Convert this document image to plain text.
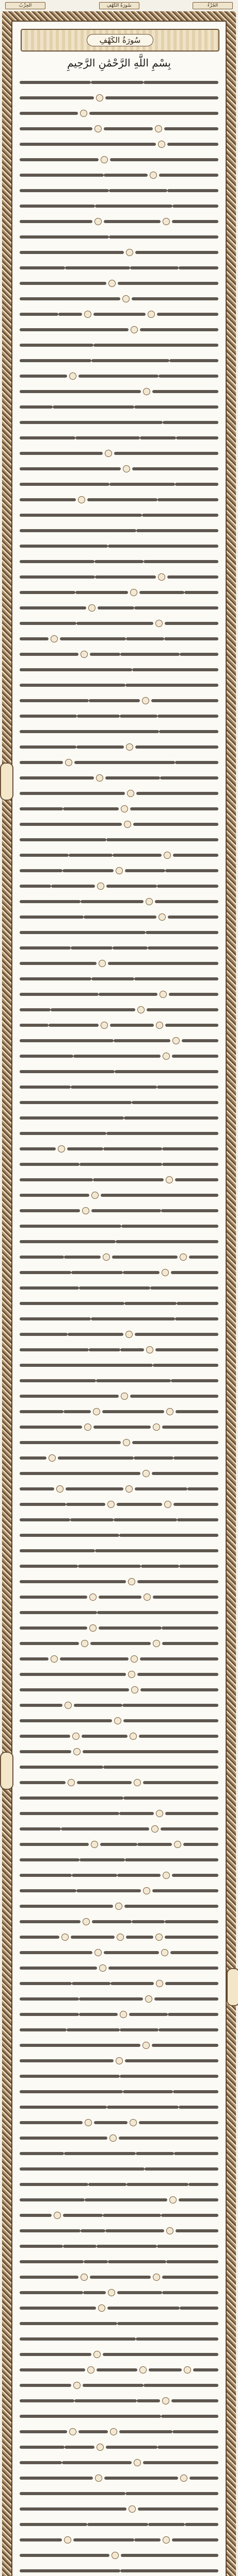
الحِزْبُ	سُورَةُ الكَهْفِ	الجُزْءُ
سُورَةُ الكَهْفِ
بِسْمِ اللَّهِ الرَّحْمَٰنِ الرَّحِيمِ
